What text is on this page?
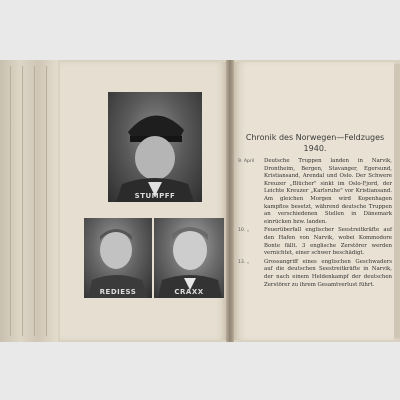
STUMPFF
REDIESS	CRAXX
Chronik des Norwegen—Feldzuges
1940.
9. April	Deutsche Truppen landen in Narvik, Drontheim, Bergen, Stavanger, Egersund, Kristiansand, Arendal und Oslo. Der Schwere Kreuzer „Blücher" sinkt im Oslo-Fjord, der Leichte Kreuzer „Karlsruhe" vor Kristiansand. Am gleichen Morgen wird Kopenhagen kampflos besetzt, während deutsche Truppen an verschiedenen Stellen in Dänemark einrücken bzw. landen.
10. „	Feuerüberfall englischer Seestreitkräfte auf den Hafen von Narvik, wobei Kommodore Bonte fällt. 3 englische Zerstörer werden vernichtet, einer schwer beschädigt.
13. „	Grossangriff eines englischen Geschwaders auf die deutschen Seestreitkräfte in Narvik, der nach einem Heldenkampf der deutschen Zerstörer zu ihrem Gesamtverlust führt.
